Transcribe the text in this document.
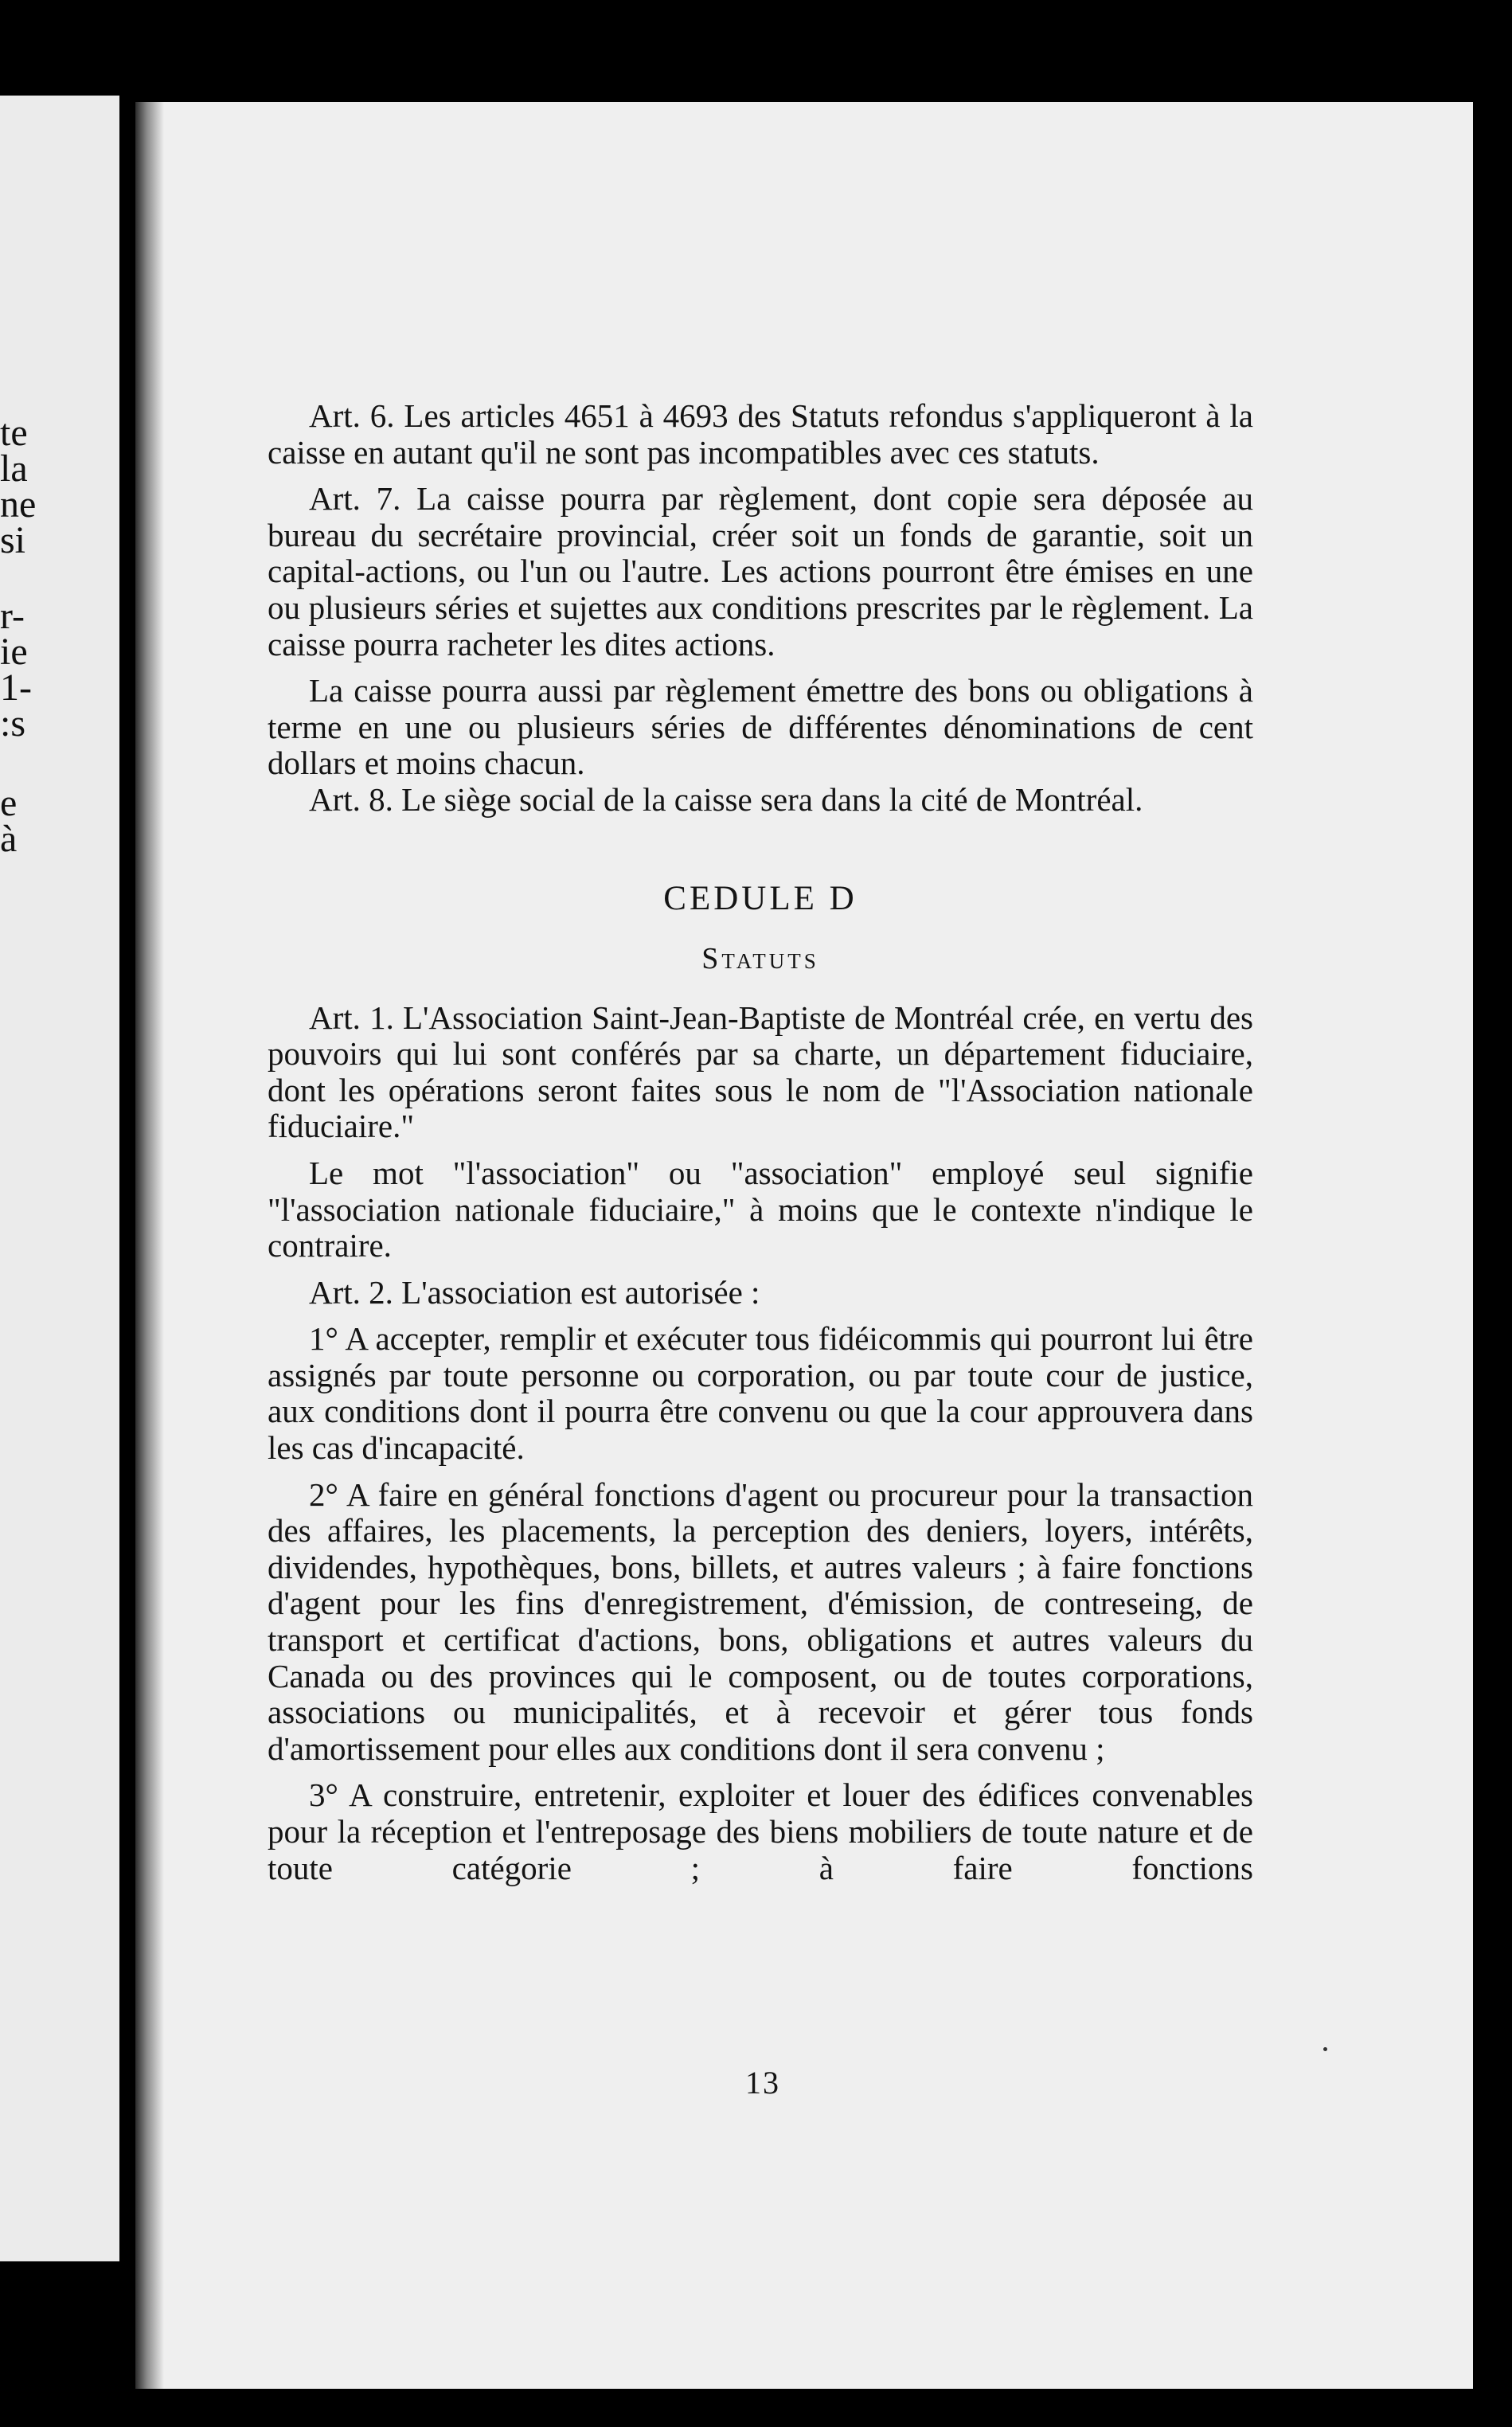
te
la
ne
si
r-
ie
1-
:s
e
à

Art. 6. Les articles 4651 à 4693 des Statuts refondus s'appliqueront à la caisse en autant qu'il ne sont pas incompatibles avec ces statuts.

Art. 7. La caisse pourra par règlement, dont copie sera déposée au bureau du secrétaire provincial, créer soit un fonds de garantie, soit un capital-actions, ou l'un ou l'autre. Les actions pourront être émises en une ou plusieurs séries et sujettes aux conditions prescrites par le règlement. La caisse pourra racheter les dites actions.

La caisse pourra aussi par règlement émettre des bons ou obligations à terme en une ou plusieurs séries de différentes dénominations de cent dollars et moins chacun.

Art. 8. Le siège social de la caisse sera dans la cité de Montréal.

CEDULE D
Statuts

Art. 1. L'Association Saint-Jean-Baptiste de Montréal crée, en vertu des pouvoirs qui lui sont conférés par sa charte, un département fiduciaire, dont les opérations seront faites sous le nom de "l'Association nationale fiduciaire."

Le mot "l'association" ou "association" employé seul signifie "l'association nationale fiduciaire," à moins que le contexte n'indique le contraire.

Art. 2. L'association est autorisée :

1° A accepter, remplir et exécuter tous fidéicommis qui pourront lui être assignés par toute personne ou corporation, ou par toute cour de justice, aux conditions dont il pourra être convenu ou que la cour approuvera dans les cas d'incapacité.

2° A faire en général fonctions d'agent ou procureur pour la transaction des affaires, les placements, la perception des deniers, loyers, intérêts, dividendes, hypothèques, bons, billets, et autres valeurs ; à faire fonctions d'agent pour les fins d'enregistrement, d'émission, de contreseing, de transport et certificat d'actions, bons, obligations et autres valeurs du Canada ou des provinces qui le composent, ou de toutes corporations, associations ou municipalités, et à recevoir et gérer tous fonds d'amortissement pour elles aux conditions dont il sera convenu ;

3° A construire, entretenir, exploiter et louer des édifices convenables pour la réception et l'entreposage des biens mobiliers de toute nature et de toute catégorie ; à faire fonctions

13
